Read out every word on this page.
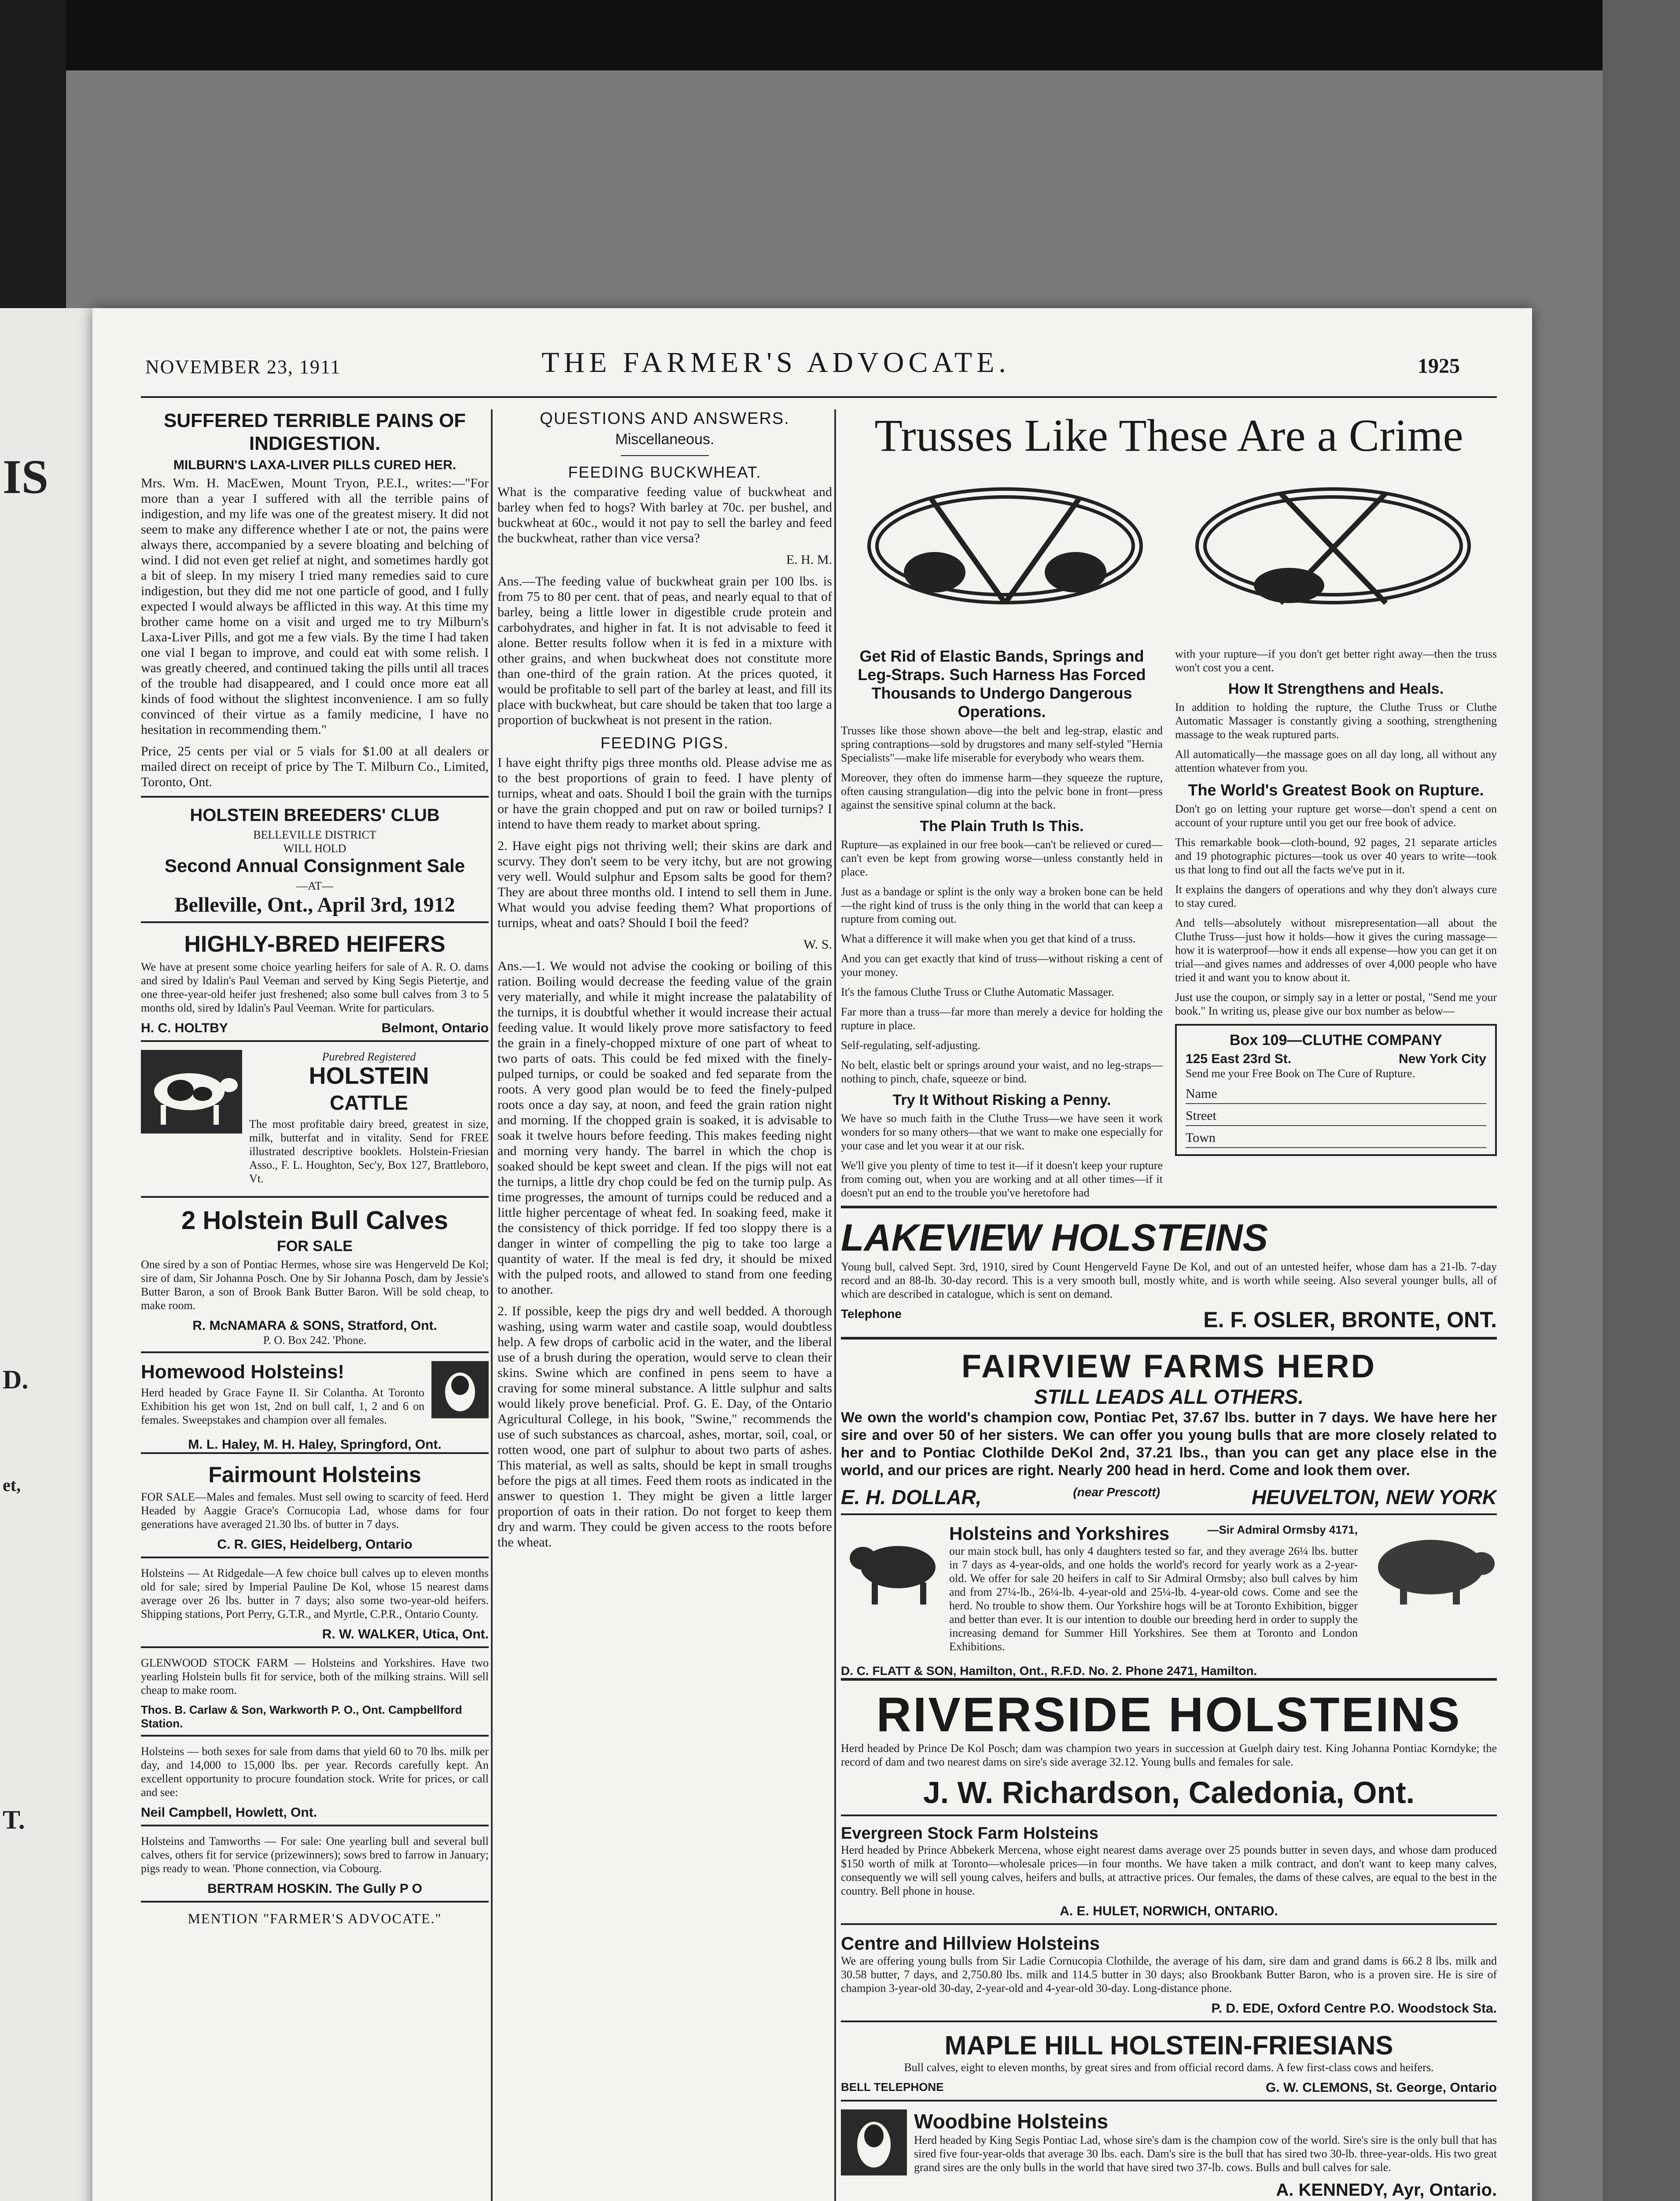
IS
D.
T.
et,
NOVEMBER 23, 1911	THE FARMER'S ADVOCATE.	1925
SUFFERED TERRIBLE PAINS OF INDIGESTION.
MILBURN'S LAXA-LIVER PILLS CURED HER.

Mrs. Wm. H. MacEwen, Mount Tryon, P.E.I., writes:—"For more than a year I suffered with all the terrible pains of indigestion, and my life was one of the greatest misery. It did not seem to make any difference whether I ate or not, the pains were always there, accompanied by a severe bloating and belching of wind. I did not even get relief at night, and sometimes hardly got a bit of sleep. In my misery I tried many remedies said to cure indigestion, but they did me not one particle of good, and I fully expected I would always be afflicted in this way. At this time my brother came home on a visit and urged me to try Milburn's Laxa-Liver Pills, and got me a few vials. By the time I had taken one vial I began to improve, and could eat with some relish. I was greatly cheered, and continued taking the pills until all traces of the trouble had disappeared, and I could once more eat all kinds of food without the slightest inconvenience. I am so fully convinced of their virtue as a family medicine, I have no hesitation in recommending them."

Price, 25 cents per vial or 5 vials for $1.00 at all dealers or mailed direct on receipt of price by The T. Milburn Co., Limited, Toronto, Ont.

HOLSTEIN BREEDERS' CLUB
BELLEVILLE DISTRICT
WILL HOLD
Second Annual Consignment Sale
—AT—
Belleville, Ont., April 3rd, 1912
HIGHLY-BRED HEIFERS

We have at present some choice yearling heifers for sale of A. R. O. dams and sired by Idalin's Paul Veeman and served by King Segis Pietertje, and one three-year-old heifer just freshened; also some bull calves from 3 to 5 months old, sired by Idalin's Paul Veeman. Write for particulars.

H. C. HOLTBY	Belmont, Ontario
Purebred Registered
HOLSTEIN
CATTLE

The most profitable dairy breed, greatest in size, milk, butterfat and in vitality. Send for FREE illustrated descriptive booklets. Holstein-Friesian Asso., F. L. Houghton, Sec'y, Box 127, Brattleboro, Vt.

2 Holstein Bull Calves
FOR SALE

One sired by a son of Pontiac Hermes, whose sire was Hengerveld De Kol; sire of dam, Sir Johanna Posch. One by Sir Johanna Posch, dam by Jessie's Butter Baron, a son of Brook Bank Butter Baron. Will be sold cheap, to make room.

R. McNAMARA & SONS, Stratford, Ont.
P. O. Box 242. 'Phone.
Homewood Holsteins!

Herd headed by Grace Fayne II. Sir Colantha. At Toronto Exhibition his get won 1st, 2nd on bull calf, 1, 2 and 6 on females. Sweepstakes and champion over all females.

M. L. Haley, M. H. Haley, Springford, Ont.
Fairmount Holsteins

FOR SALE—Males and females. Must sell owing to scarcity of feed. Herd Headed by Aaggie Grace's Cornucopia Lad, whose dams for four generations have averaged 21.30 lbs. of butter in 7 days.

C. R. GIES, Heidelberg, Ontario

Holsteins — At Ridgedale—A few choice bull calves up to eleven months old for sale; sired by Imperial Pauline De Kol, whose 15 nearest dams average over 26 lbs. butter in 7 days; also some two-year-old heifers. Shipping stations, Port Perry, G.T.R., and Myrtle, C.P.R., Ontario County.

R. W. WALKER, Utica, Ont.

GLENWOOD STOCK FARM — Holsteins and Yorkshires. Have two yearling Holstein bulls fit for service, both of the milking strains. Will sell cheap to make room.

Thos. B. Carlaw & Son, Warkworth P. O., Ont. Campbellford Station.

Holsteins — both sexes for sale from dams that yield 60 to 70 lbs. milk per day, and 14,000 to 15,000 lbs. per year. Records carefully kept. An excellent opportunity to procure foundation stock. Write for prices, or call and see:

Neil Campbell, Howlett, Ont.

Holsteins and Tamworths — For sale: One yearling bull and several bull calves, others fit for service (prizewinners); sows bred to farrow in January; pigs ready to wean. 'Phone connection, via Cobourg.

BERTRAM HOSKIN. The Gully P O
MENTION "FARMER'S ADVOCATE."
QUESTIONS AND ANSWERS.
Miscellaneous.
FEEDING BUCKWHEAT.

What is the comparative feeding value of buckwheat and barley when fed to hogs? With barley at 70c. per bushel, and buckwheat at 60c., would it not pay to sell the barley and feed the buckwheat, rather than vice versa?

E. H. M.

Ans.—The feeding value of buckwheat grain per 100 lbs. is from 75 to 80 per cent. that of peas, and nearly equal to that of barley, being a little lower in digestible crude protein and carbohydrates, and higher in fat. It is not advisable to feed it alone. Better results follow when it is fed in a mixture with other grains, and when buckwheat does not constitute more than one-third of the grain ration. At the prices quoted, it would be profitable to sell part of the barley at least, and fill its place with buckwheat, but care should be taken that too large a proportion of buckwheat is not present in the ration.

FEEDING PIGS.

I have eight thrifty pigs three months old. Please advise me as to the best proportions of grain to feed. I have plenty of turnips, wheat and oats. Should I boil the grain with the turnips or have the grain chopped and put on raw or boiled turnips? I intend to have them ready to market about spring.

2. Have eight pigs not thriving well; their skins are dark and scurvy. They don't seem to be very itchy, but are not growing very well. Would sulphur and Epsom salts be good for them? They are about three months old. I intend to sell them in June. What would you advise feeding them? What proportions of turnips, wheat and oats? Should I boil the feed?

W. S.

Ans.—1. We would not advise the cooking or boiling of this ration. Boiling would decrease the feeding value of the grain very materially, and while it might increase the palatability of the turnips, it is doubtful whether it would increase their actual feeding value. It would likely prove more satisfactory to feed the grain in a finely-chopped mixture of one part of wheat to two parts of oats. This could be fed mixed with the finely-pulped turnips, or could be soaked and fed separate from the roots. A very good plan would be to feed the finely-pulped roots once a day say, at noon, and feed the grain ration night and morning. If the chopped grain is soaked, it is advisable to soak it twelve hours before feeding. This makes feeding night and morning very handy. The barrel in which the chop is soaked should be kept sweet and clean. If the pigs will not eat the turnips, a little dry chop could be fed on the turnip pulp. As time progresses, the amount of turnips could be reduced and a little higher percentage of wheat fed. In soaking feed, make it the consistency of thick porridge. If fed too sloppy there is a danger in winter of compelling the pig to take too large a quantity of water. If the meal is fed dry, it should be mixed with the pulped roots, and allowed to stand from one feeding to another.

2. If possible, keep the pigs dry and well bedded. A thorough washing, using warm water and castile soap, would doubtless help. A few drops of carbolic acid in the water, and the liberal use of a brush during the operation, would serve to clean their skins. Swine which are confined in pens seem to have a craving for some mineral substance. A little sulphur and salts would likely prove beneficial. Prof. G. E. Day, of the Ontario Agricultural College, in his book, "Swine," recommends the use of such substances as charcoal, ashes, mortar, soil, coal, or rotten wood, one part of sulphur to about two parts of ashes. This material, as well as salts, should be kept in small troughs before the pigs at all times. Feed them roots as indicated in the answer to question 1. They might be given a little larger proportion of oats in their ration. Do not forget to keep them dry and warm. They could be given access to the roots before the wheat.

Trusses Like These Are a Crime
Get Rid of Elastic Bands, Springs and Leg-Straps. Such Harness Has Forced Thousands to Undergo Dangerous Operations.

Trusses like those shown above—the belt and leg-strap, elastic and spring contraptions—sold by drugstores and many self-styled "Hernia Specialists"—make life miserable for everybody who wears them.

Moreover, they often do immense harm—they squeeze the rupture, often causing strangulation—dig into the pelvic bone in front—press against the sensitive spinal column at the back.

The Plain Truth Is This.

Rupture—as explained in our free book—can't be relieved or cured—can't even be kept from growing worse—unless constantly held in place.

Just as a bandage or splint is the only way a broken bone can be held—the right kind of truss is the only thing in the world that can keep a rupture from coming out.

What a difference it will make when you get that kind of a truss.

And you can get exactly that kind of truss—without risking a cent of your money.

It's the famous Cluthe Truss or Cluthe Automatic Massager.

Far more than a truss—far more than merely a device for holding the rupture in place.

Self-regulating, self-adjusting.

No belt, elastic belt or springs around your waist, and no leg-straps—nothing to pinch, chafe, squeeze or bind.

Try It Without Risking a Penny.

We have so much faith in the Cluthe Truss—we have seen it work wonders for so many others—that we want to make one especially for your case and let you wear it at our risk.

We'll give you plenty of time to test it—if it doesn't keep your rupture from coming out, when you are working and at all other times—if it doesn't put an end to the trouble you've heretofore had

with your rupture—if you don't get better right away—then the truss won't cost you a cent.

How It Strengthens and Heals.

In addition to holding the rupture, the Cluthe Truss or Cluthe Automatic Massager is constantly giving a soothing, strengthening massage to the weak ruptured parts.

All automatically—the massage goes on all day long, all without any attention whatever from you.

The World's Greatest Book on Rupture.

Don't go on letting your rupture get worse—don't spend a cent on account of your rupture until you get our free book of advice.

This remarkable book—cloth-bound, 92 pages, 21 separate articles and 19 photographic pictures—took us over 40 years to write—took us that long to find out all the facts we've put in it.

It explains the dangers of operations and why they don't always cure to stay cured.

And tells—absolutely without misrepresentation—all about the Cluthe Truss—just how it holds—how it gives the curing massage—how it is waterproof—how it ends all expense—how you can get it on trial—and gives names and addresses of over 4,000 people who have tried it and want you to know about it.

Just use the coupon, or simply say in a letter or postal, "Send me your book." In writing us, please give our box number as below—

Box 109—CLUTHE COMPANY
125 East 23rd St.	New York City

Send me your Free Book on The Cure of Rupture.

Name
Street
Town
LAKEVIEW HOLSTEINS

Young bull, calved Sept. 3rd, 1910, sired by Count Hengerveld Fayne De Kol, and out of an untested heifer, whose dam has a 21-lb. 7-day record and an 88-lb. 30-day record. This is a very smooth bull, mostly white, and is worth while seeing. Also several younger bulls, all of which are described in catalogue, which is sent on demand.

Telephone	E. F. OSLER, BRONTE, ONT.
FAIRVIEW FARMS HERD
STILL LEADS ALL OTHERS.

We own the world's champion cow, Pontiac Pet, 37.67 lbs. butter in 7 days. We have here her sire and over 50 of her sisters. We can offer you young bulls that are more closely related to her and to Pontiac Clothilde DeKol 2nd, 37.21 lbs., than you can get any place else in the world, and our prices are right. Nearly 200 head in herd. Come and look them over.

E. H. DOLLAR,	(near Prescott)	HEUVELTON, NEW YORK
Holsteins and Yorkshires	—Sir Admiral Ormsby 4171,

our main stock bull, has only 4 daughters tested so far, and they average 26¼ lbs. butter in 7 days as 4-year-olds, and one holds the world's record for yearly work as a 2-year-old. We offer for sale 20 heifers in calf to Sir Admiral Ormsby; also bull calves by him and from 27¼-lb., 26¼-lb. 4-year-old and 25¼-lb. 4-year-old cows. Come and see the herd. No trouble to show them. Our Yorkshire hogs will be at Toronto Exhibition, bigger and better than ever. It is our intention to double our breeding herd in order to supply the increasing demand for Summer Hill Yorkshires. See them at Toronto and London Exhibitions.

D. C. FLATT & SON, Hamilton, Ont., R.F.D. No. 2. Phone 2471, Hamilton.
RIVERSIDE HOLSTEINS

Herd headed by Prince De Kol Posch; dam was champion two years in succession at Guelph dairy test. King Johanna Pontiac Korndyke; the record of dam and two nearest dams on sire's side average 32.12. Young bulls and females for sale.

J. W. Richardson, Caledonia, Ont.
Evergreen Stock Farm Holsteins

Herd headed by Prince Abbekerk Mercena, whose eight nearest dams average over 25 pounds butter in seven days, and whose dam produced $150 worth of milk at Toronto—wholesale prices—in four months. We have taken a milk contract, and don't want to keep many calves, consequently we will sell young calves, heifers and bulls, at attractive prices. Our females, the dams of these calves, are equal to the best in the country. Bell phone in house.

A. E. HULET, NORWICH, ONTARIO.
Centre and Hillview Holsteins

We are offering young bulls from Sir Ladie Cornucopia Clothilde, the average of his dam, sire dam and grand dams is 66.2 8 lbs. milk and 30.58 butter, 7 days, and 2,750.80 lbs. milk and 114.5 butter in 30 days; also Brookbank Butter Baron, who is a proven sire. He is sire of champion 3-year-old 30-day, 2-year-old and 4-year-old 30-day. Long-distance phone.

P. D. EDE, Oxford Centre P.O. Woodstock Sta.
MAPLE HILL HOLSTEIN-FRIESIANS

Bull calves, eight to eleven months, by great sires and from official record dams. A few first-class cows and heifers.

BELL TELEPHONE	G. W. CLEMONS, St. George, Ontario
Woodbine Holsteins

Herd headed by King Segis Pontiac Lad, whose sire's dam is the champion cow of the world. Sire's sire is the only bull that has sired five four-year-olds that average 30 lbs. each. Dam's sire is the bull that has sired two 30-lb. three-year-olds. His two great grand sires are the only bulls in the world that have sired two 37-lb. cows. Bulls and bull calves for sale.

A. KENNEDY, Ayr, Ontario.
